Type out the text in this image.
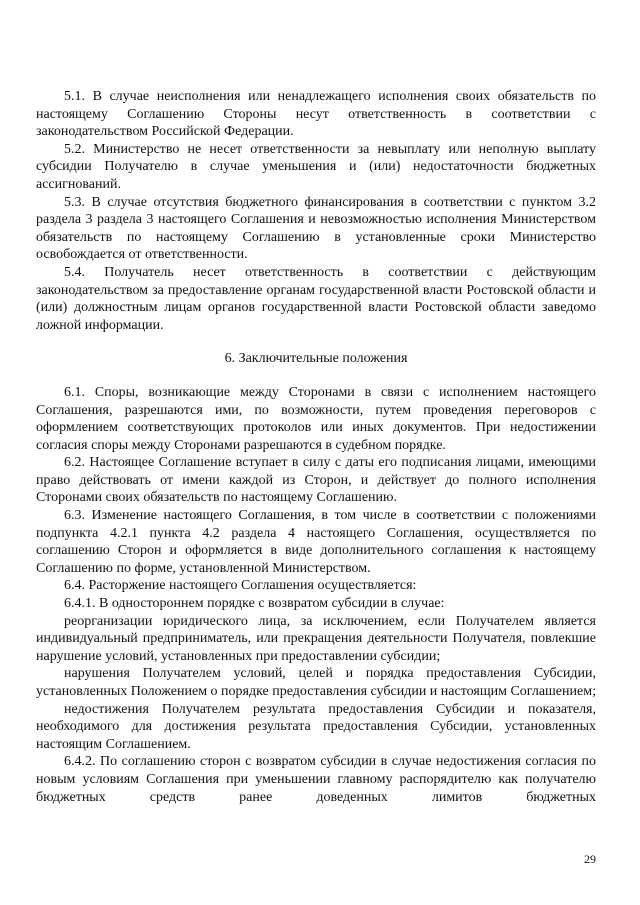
5.1. В случае неисполнения или ненадлежащего исполнения своих обязательств по настоящему Соглашению Стороны несут ответственность в соответствии с законодательством Российской Федерации.

5.2. Министерство не несет ответственности за невыплату или неполную выплату субсидии Получателю в случае уменьшения и (или) недостаточности бюджетных ассигнований.

5.3. В случае отсутствия бюджетного финансирования в соответствии с пунктом 3.2 раздела 3 раздела 3 настоящего Соглашения и невозможностью исполнения Министерством обязательств по настоящему Соглашению в установленные сроки Министерство освобождается от ответственности.

5.4. Получатель несет ответственность в соответствии с действующим законодательством за предоставление органам государственной власти Ростовской области и (или) должностным лицам органов государственной власти Ростовской области заведомо ложной информации.

6. Заключительные положения

6.1. Споры, возникающие между Сторонами в связи с исполнением настоящего Соглашения, разрешаются ими, по возможности, путем проведения переговоров с оформлением соответствующих протоколов или иных документов. При недостижении согласия споры между Сторонами разрешаются в судебном порядке.

6.2. Настоящее Соглашение вступает в силу с даты его подписания лицами, имеющими право действовать от имени каждой из Сторон, и действует до полного исполнения Сторонами своих обязательств по настоящему Соглашению.

6.3. Изменение настоящего Соглашения, в том числе в соответствии с положениями подпункта 4.2.1 пункта 4.2 раздела 4 настоящего Соглашения, осуществляется по соглашению Сторон и оформляется в виде дополнительного соглашения к настоящему Соглашению по форме, установленной Министерством.

6.4. Расторжение настоящего Соглашения осуществляется:

6.4.1. В одностороннем порядке с возвратом субсидии в случае:

реорганизации юридического лица, за исключением, если Получателем является индивидуальный предприниматель, или прекращения деятельности Получателя, повлекшие нарушение условий, установленных при предоставлении субсидии;

нарушения Получателем условий, целей и порядка предоставления Субсидии, установленных Положением о порядке предоставления субсидии и настоящим Соглашением;

недостижения Получателем результата предоставления Субсидии и показателя, необходимого для достижения результата предоставления Субсидии, установленных настоящим Соглашением.

6.4.2. По соглашению сторон с возвратом субсидии в случае недостижения согласия по новым условиям Соглашения при уменьшении главному распорядителю как получателю бюджетных средств ранее доведенных лимитов бюджетных

29
